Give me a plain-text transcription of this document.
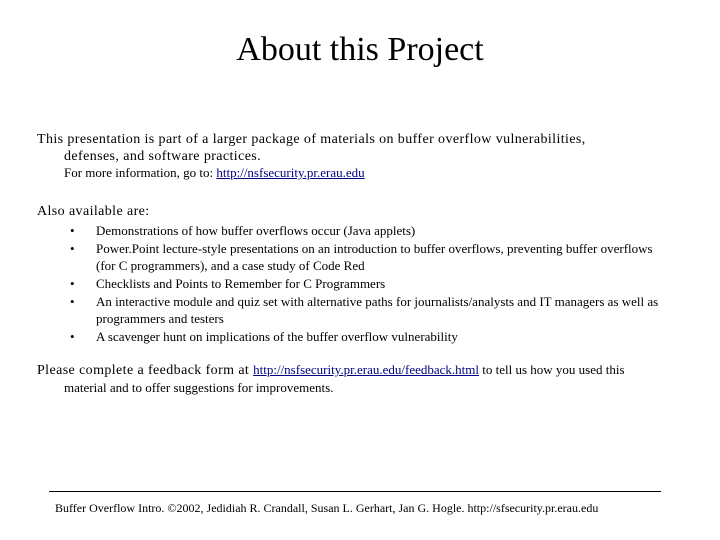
About this Project
This presentation is part of a larger package of materials on buffer overflow vulnerabilities,
defenses, and software practices.
For more information, go to: http://nsfsecurity.pr.erau.edu
Also available are:
• Demonstrations of how buffer overflows occur (Java applets)
• Power.Point lecture-style presentations on an introduction to buffer overflows, preventing buffer overflows (for C programmers), and a case study of Code Red
• Checklists and Points to Remember for C Programmers
• An interactive module and quiz set with alternative paths for journalists/analysts and IT managers as well as programmers and testers
• A scavenger hunt on implications of the buffer overflow vulnerability
Please complete a feedback form at http://nsfsecurity.pr.erau.edu/feedback.html to tell us how you used this
material and to offer suggestions for improvements.
Buffer Overflow Intro. ©2002, Jedidiah R. Crandall, Susan L. Gerhart, Jan G. Hogle. http://sfsecurity.pr.erau.edu
